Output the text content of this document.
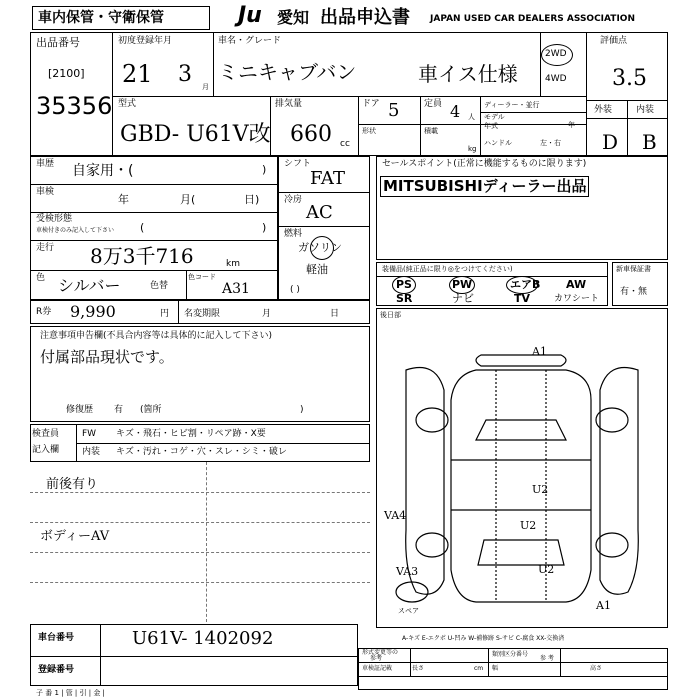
車内保管・守衛保管	Ju 愛知 出品申込書 JAPAN USED CAR DEALERS ASSOCIATION
出品番号
[2100]
35356
初度登録年月
21 3 月
車名・グレード
ミニキャブバン	車イス仕様
2WD
4WD
評価点
3.5
外装	内装
D B
型式
GBD- U61V改
排気量
660 cc
ドア 5	定員 4 人
ディーラー・並行
モデル
年式	年
ハンドル	左・右
形状	積載
kg
車歴 自家用・(	)
車検
年	月(	日)
受検形態
車検付きのみ記入して下さい (	)
走行 8万3千716	km
色 シルバー	色替
色コード
A31
シフト
FAT
冷房
AC
燃料
ガソリン
軽油
( )
R券 9,990	円 名変期限	月	日
セールスポイント(正常に機能するものに限ります)
MITSUBISHIディーラー出品
装備品(純正品に限り◎をつけてください)
PS	PW	エアB AW
SR	ナビ	TV	カワシート
新車保証書
有・無
注意事項申告欄(不具合内容等は具体的に記入して下さい)
付属部品現状です。
修復歴 有 (箇所	)
後日部
A1
U2
U2
VA4
VA3
U2
A1
スペア
A-キズ E-エクボ U-凹み W-補修跡 S-サビ C-腐食 XX-交換済
検査員
記入欄
FW キズ・飛石・ヒビ割・リペア跡・X要
内装 キズ・汚れ・コゲ・穴・スレ・シミ・破レ
前後有り
ボディーAV
車台番号	U61V- 1402092
登録番号
形式変更等の
参考
類別区分番号
参 考
車検証記載	長さ	cm 幅	高さ
子 番 1 | 管 | 引 | 金 |
